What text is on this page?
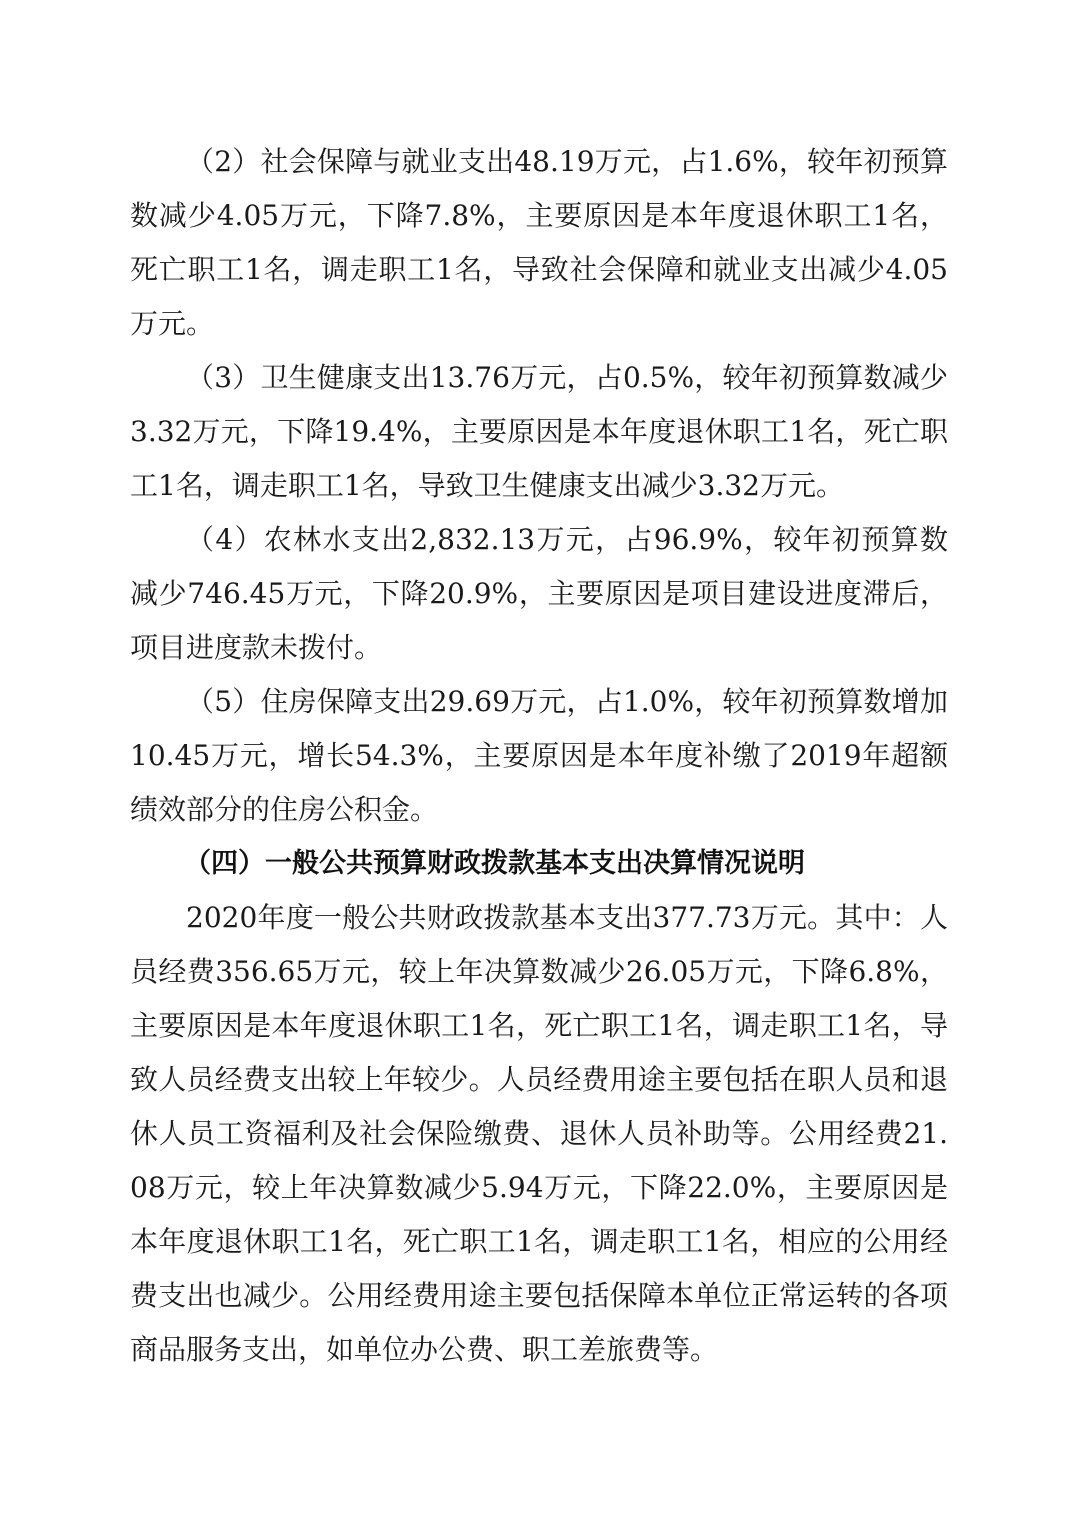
（2）社会保障与就业支出48.19万元，占1.6%，较年初预算数减少4.05万元，下降7.8%，主要原因是本年度退休职工1名，死亡职工1名，调走职工1名，导致社会保障和就业支出减少4.05万元。

（3）卫生健康支出13.76万元，占0.5%，较年初预算数减少3.32万元，下降19.4%，主要原因是本年度退休职工1名，死亡职工1名，调走职工1名，导致卫生健康支出减少3.32万元。

（4）农林水支出2,832.13万元，占96.9%，较年初预算数减少746.45万元，下降20.9%，主要原因是项目建设进度滞后，项目进度款未拨付。

（5）住房保障支出29.69万元，占1.0%，较年初预算数增加10.45万元，增长54.3%，主要原因是本年度补缴了2019年超额绩效部分的住房公积金。

（四）一般公共预算财政拨款基本支出决算情况说明

2020年度一般公共财政拨款基本支出377.73万元。其中：人员经费356.65万元，较上年决算数减少26.05万元，下降6.8%，主要原因是本年度退休职工1名，死亡职工1名，调走职工1名，导致人员经费支出较上年较少。人员经费用途主要包括在职人员和退休人员工资福利及社会保险缴费、退休人员补助等。公用经费21.08万元，较上年决算数减少5.94万元，下降22.0%，主要原因是本年度退休职工1名，死亡职工1名，调走职工1名，相应的公用经费支出也减少。公用经费用途主要包括保障本单位正常运转的各项商品服务支出，如单位办公费、职工差旅费等。
